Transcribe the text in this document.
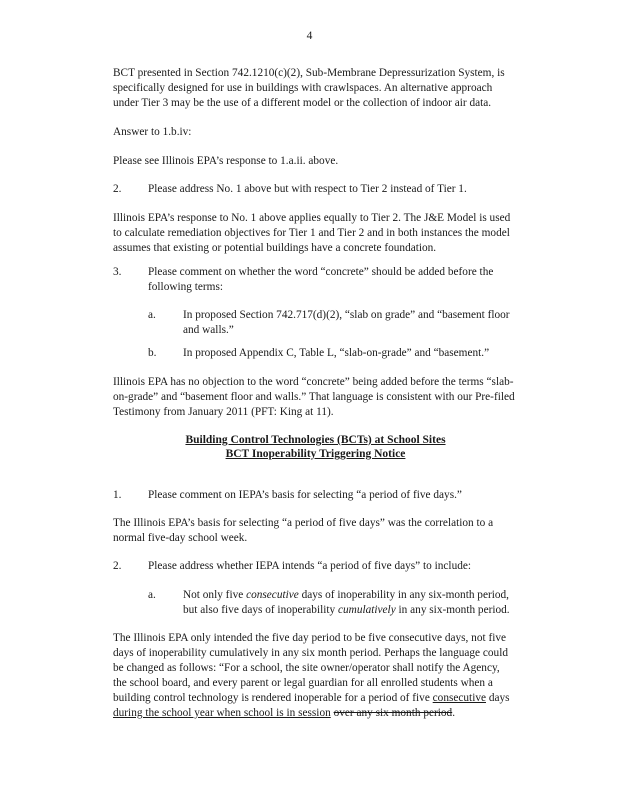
4
BCT presented in Section 742.1210(c)(2), Sub-Membrane Depressurization System, is
specifically designed for use in buildings with crawlspaces. An alternative approach
under Tier 3 may be the use of a different model or the collection of indoor air data.
Answer to 1.b.iv:
Please see Illinois EPA’s response to 1.a.ii. above.
2. Please address No. 1 above but with respect to Tier 2 instead of Tier 1.
Illinois EPA’s response to No. 1 above applies equally to Tier 2. The J&E Model is used
to calculate remediation objectives for Tier 1 and Tier 2 and in both instances the model
assumes that existing or potential buildings have a concrete foundation.
3. Please comment on whether the word “concrete” should be added before the
following terms:
a. In proposed Section 742.717(d)(2), “slab on grade” and “basement floor
and walls.”
b. In proposed Appendix C, Table L, “slab-on-grade” and “basement.”
Illinois EPA has no objection to the word “concrete” being added before the terms “slab-
on-grade” and “basement floor and walls.” That language is consistent with our Pre-filed
Testimony from January 2011 (PFT: King at 11).
Building Control Technologies (BCTs) at School Sites
BCT Inoperability Triggering Notice
1. Please comment on IEPA’s basis for selecting “a period of five days.”
The Illinois EPA’s basis for selecting “a period of five days” was the correlation to a
normal five-day school week.
2. Please address whether IEPA intends “a period of five days” to include:
a. Not only five consecutive days of inoperability in any six-month period,
but also five days of inoperability cumulatively in any six-month period.
The Illinois EPA only intended the five day period to be five consecutive days, not five
days of inoperability cumulatively in any six month period. Perhaps the language could
be changed as follows: “For a school, the site owner/operator shall notify the Agency,
the school board, and every parent or legal guardian for all enrolled students when a
building control technology is rendered inoperable for a period of five consecutive days
during the school year when school is in session over any six month period.
